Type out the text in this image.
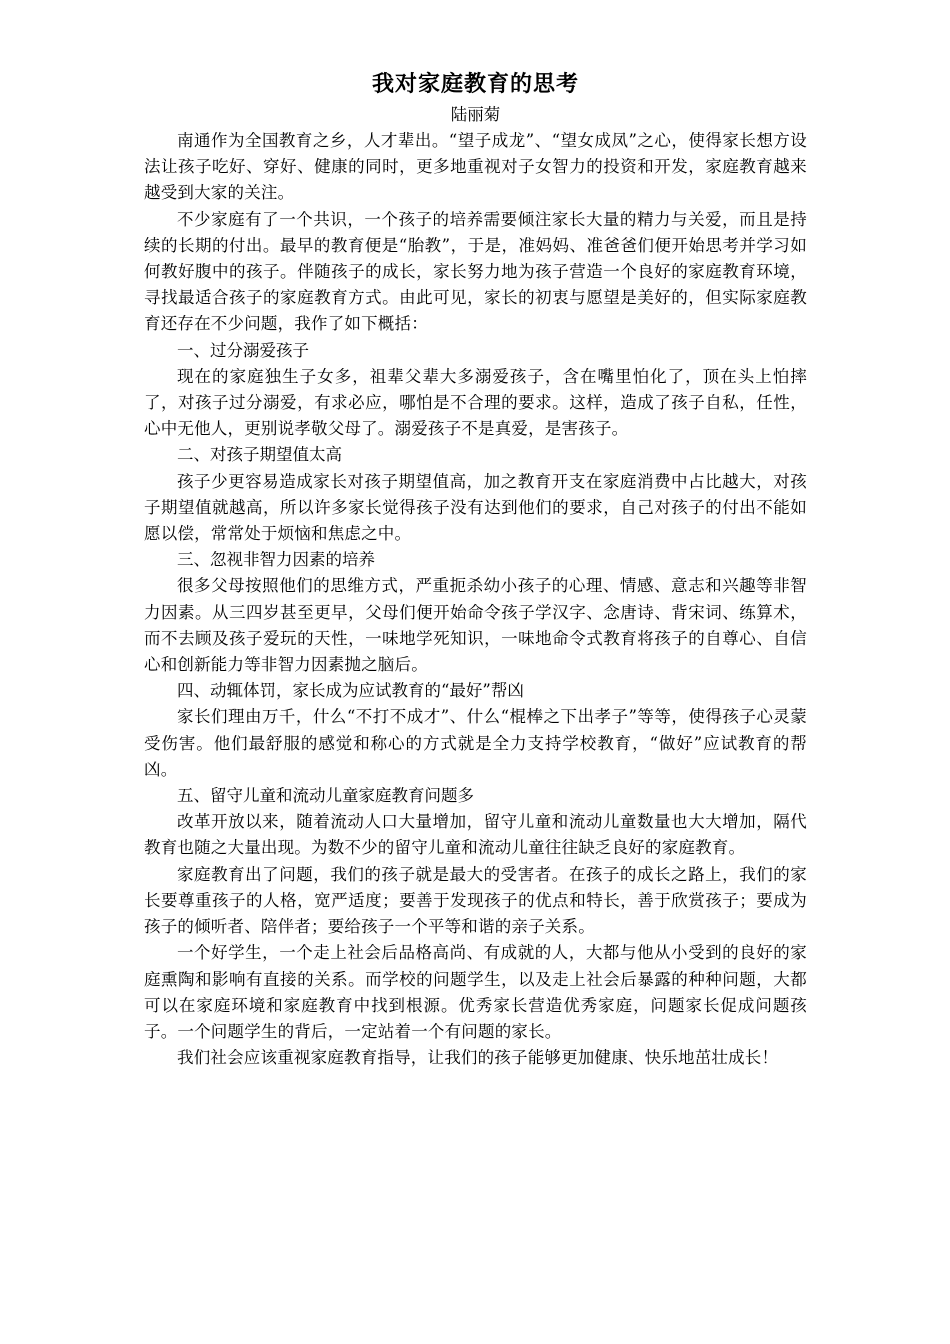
我对家庭教育的思考

陆丽菊

南通作为全国教育之乡，人才辈出。“望子成龙”、“望女成凤”之心，使得家长想方设法让孩子吃好、穿好、健康的同时，更多地重视对子女智力的投资和开发，家庭教育越来越受到大家的关注。

不少家庭有了一个共识，一个孩子的培养需要倾注家长大量的精力与关爱，而且是持续的长期的付出。最早的教育便是“胎教”，于是，准妈妈、准爸爸们便开始思考并学习如何教好腹中的孩子。伴随孩子的成长，家长努力地为孩子营造一个良好的家庭教育环境，寻找最适合孩子的家庭教育方式。由此可见，家长的初衷与愿望是美好的，但实际家庭教育还存在不少问题，我作了如下概括：

一、过分溺爱孩子

现在的家庭独生子女多，祖辈父辈大多溺爱孩子，含在嘴里怕化了，顶在头上怕摔了，对孩子过分溺爱，有求必应，哪怕是不合理的要求。这样，造成了孩子自私，任性，心中无他人，更别说孝敬父母了。溺爱孩子不是真爱，是害孩子。

二、对孩子期望值太高

孩子少更容易造成家长对孩子期望值高，加之教育开支在家庭消费中占比越大，对孩子期望值就越高，所以许多家长觉得孩子没有达到他们的要求，自己对孩子的付出不能如愿以偿，常常处于烦恼和焦虑之中。

三、忽视非智力因素的培养

很多父母按照他们的思维方式，严重扼杀幼小孩子的心理、情感、意志和兴趣等非智力因素。从三四岁甚至更早，父母们便开始命令孩子学汉字、念唐诗、背宋词、练算术，而不去顾及孩子爱玩的天性，一味地学死知识，一味地命令式教育将孩子的自尊心、自信心和创新能力等非智力因素抛之脑后。

四、动辄体罚，家长成为应试教育的“最好”帮凶

家长们理由万千，什么“不打不成才”、什么“棍棒之下出孝子”等等，使得孩子心灵蒙受伤害。他们最舒服的感觉和称心的方式就是全力支持学校教育，“做好”应试教育的帮凶。

五、留守儿童和流动儿童家庭教育问题多

改革开放以来，随着流动人口大量增加，留守儿童和流动儿童数量也大大增加，隔代教育也随之大量出现。为数不少的留守儿童和流动儿童往往缺乏良好的家庭教育。

家庭教育出了问题，我们的孩子就是最大的受害者。在孩子的成长之路上，我们的家长要尊重孩子的人格，宽严适度；要善于发现孩子的优点和特长，善于欣赏孩子；要成为孩子的倾听者、陪伴者；要给孩子一个平等和谐的亲子关系。

一个好学生，一个走上社会后品格高尚、有成就的人，大都与他从小受到的良好的家庭熏陶和影响有直接的关系。而学校的问题学生，以及走上社会后暴露的种种问题，大都可以在家庭环境和家庭教育中找到根源。优秀家长营造优秀家庭，问题家长促成问题孩子。一个问题学生的背后，一定站着一个有问题的家长。

我们社会应该重视家庭教育指导，让我们的孩子能够更加健康、快乐地茁壮成长！
